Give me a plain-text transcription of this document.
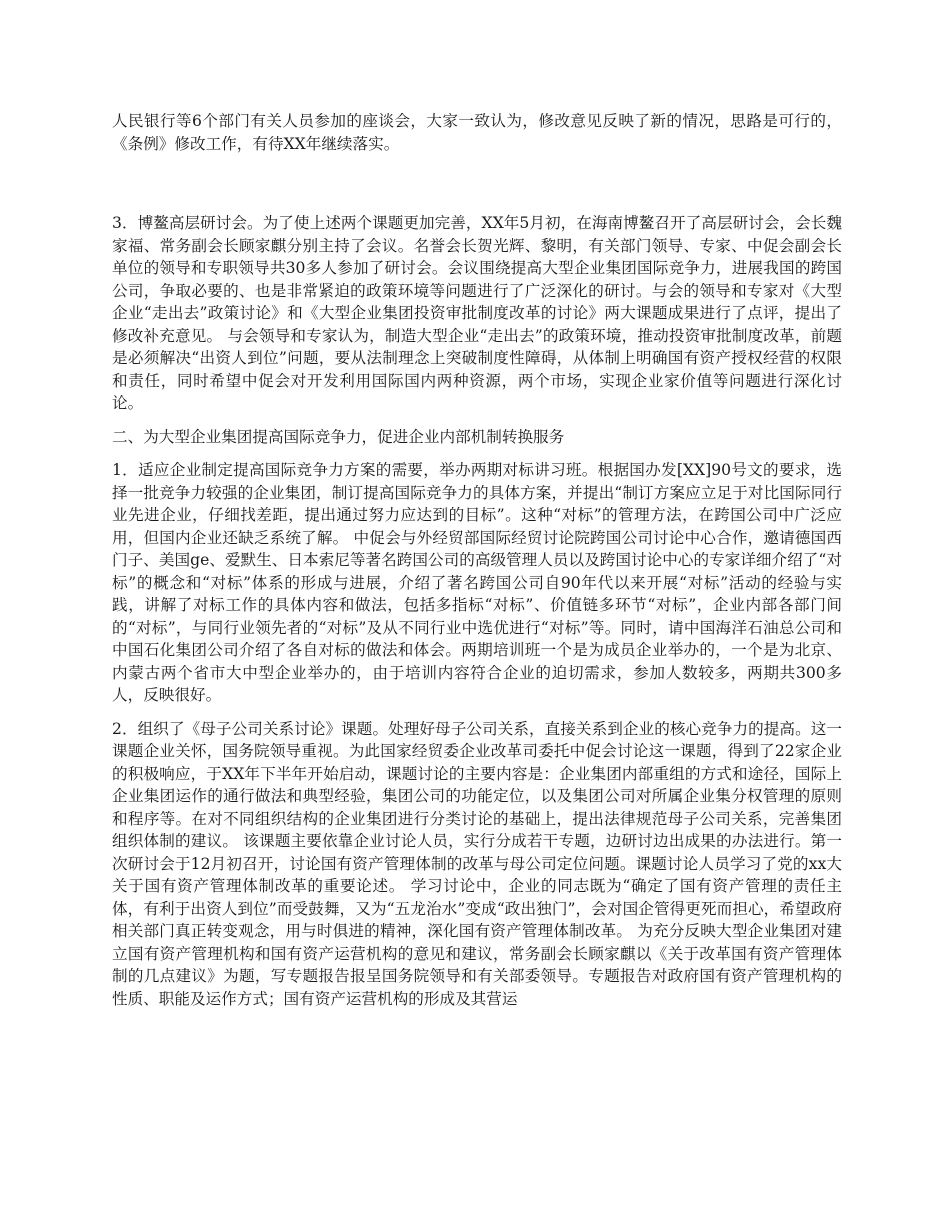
人民银行等6个部门有关人员参加的座谈会，大家一致认为，修改意见反映了新的情况，思路是可行的，《条例》修改工作，有待XX年继续落实。

3．博鳌高层研讨会。为了使上述两个课题更加完善，XX年5月初，在海南博鳌召开了高层研讨会，会长魏家福、常务副会长顾家麒分别主持了会议。名誉会长贺光辉、黎明，有关部门领导、专家、中促会副会长单位的领导和专职领导共30多人参加了研讨会。会议围绕提高大型企业集团国际竞争力，进展我国的跨国公司，争取必要的、也是非常紧迫的政策环境等问题进行了广泛深化的研讨。与会的领导和专家对《大型企业“走出去”政策讨论》和《大型企业集团投资审批制度改革的讨论》两大课题成果进行了点评，提出了修改补充意见。 与会领导和专家认为，制造大型企业“走出去”的政策环境，推动投资审批制度改革，前题是必须解决“出资人到位”问题，要从法制理念上突破制度性障碍，从体制上明确国有资产授权经营的权限和责任，同时希望中促会对开发利用国际国内两种资源，两个市场，实现企业家价值等问题进行深化讨论。

二、为大型企业集团提高国际竞争力，促进企业内部机制转换服务

1．适应企业制定提高国际竞争力方案的需要，举办两期对标讲习班。根据国办发[XX]90号文的要求，选择一批竞争力较强的企业集团，制订提高国际竞争力的具体方案，并提出“制订方案应立足于对比国际同行业先进企业，仔细找差距，提出通过努力应达到的目标”。这种“对标”的管理方法，在跨国公司中广泛应用，但国内企业还缺乏系统了解。 中促会与外经贸部国际经贸讨论院跨国公司讨论中心合作，邀请德国西门子、美国ge、爱默生、日本索尼等著名跨国公司的高级管理人员以及跨国讨论中心的专家详细介绍了“对标”的概念和“对标”体系的形成与进展，介绍了著名跨国公司自90年代以来开展“对标”活动的经验与实践，讲解了对标工作的具体内容和做法，包括多指标“对标”、价值链多环节“对标”，企业内部各部门间的“对标”，与同行业领先者的“对标”及从不同行业中选优进行“对标”等。同时，请中国海洋石油总公司和中国石化集团公司介绍了各自对标的做法和体会。两期培训班一个是为成员企业举办的，一个是为北京、内蒙古两个省市大中型企业举办的，由于培训内容符合企业的迫切需求，参加人数较多，两期共300多人，反映很好。

2．组织了《母子公司关系讨论》课题。处理好母子公司关系，直接关系到企业的核心竞争力的提高。这一课题企业关怀，国务院领导重视。为此国家经贸委企业改革司委托中促会讨论这一课题，得到了22家企业的积极响应，于XX年下半年开始启动，课题讨论的主要内容是：企业集团内部重组的方式和途径，国际上企业集团运作的通行做法和典型经验，集团公司的功能定位，以及集团公司对所属企业集分权管理的原则和程序等。在对不同组织结构的企业集团进行分类讨论的基础上，提出法律规范母子公司关系，完善集团组织体制的建议。 该课题主要依靠企业讨论人员，实行分成若干专题，边研讨边出成果的办法进行。第一次研讨会于12月初召开，讨论国有资产管理体制的改革与母公司定位问题。课题讨论人员学习了党的xx大关于国有资产管理体制改革的重要论述。 学习讨论中，企业的同志既为“确定了国有资产管理的责任主体，有利于出资人到位”而受鼓舞，又为“五龙治水”变成“政出独门”，会对国企管得更死而担心，希望政府相关部门真正转变观念，用与时俱进的精神，深化国有资产管理体制改革。 为充分反映大型企业集团对建立国有资产管理机构和国有资产运营机构的意见和建议，常务副会长顾家麒以《关于改革国有资产管理体制的几点建议》为题，写专题报告报呈国务院领导和有关部委领导。专题报告对政府国有资产管理机构的性质、职能及运作方式；国有资产运营机构的形成及其营运
